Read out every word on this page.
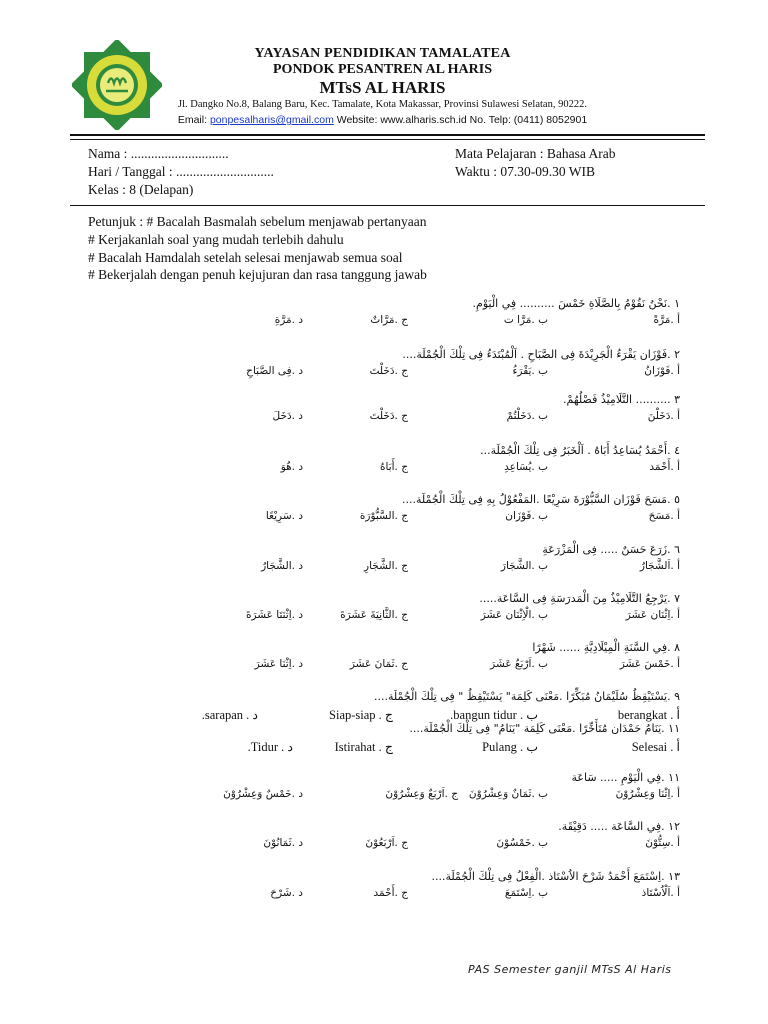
YAYASAN PENDIDIKAN TAMALATEA
PONDOK PESANTREN AL HARIS
MTsS AL HARIS
Jl. Dangko No.8, Balang Baru, Kec. Tamalate, Kota Makassar, Provinsi Sulawesi Selatan, 90222.
Email: ponpesalharis@gmail.com Website: www.alharis.sch.id No. Telp: (0411) 8052901
Nama : .............................
Hari / Tanggal : .............................
Kelas : 8 (Delapan)
Mata Pelajaran : Bahasa Arab
Waktu : 07.30-09.30 WIB
Petunjuk : # Bacalah Basmalah sebelum menjawab pertanyaan
# Kerjakanlah soal yang mudah terlebih dahulu
# Bacalah Hamdalah setelah selesai menjawab semua soal
# Bekerjalah dengan penuh kejujuran dan rasa tanggung jawab
١ .نَحْنُ نَقُوْمُ بِالصَّلَاةِ خَمْسَ .......... فِي الْيَوْمِ.
أ .مَرَّةً
ب .مَرَّا ت
ج .مَرَّاتٌ
د .مَرَّةِ
٢ .فَوْزَان يَقْرَءُ الْجَرِيْدَةَ فِى الصَّبَاحِ . اَلْمُبْتَدَءُ فِى تِلْكَ الْجُمْلَة....
أ .فَوْزَانُ
ب .يَقْرَءُ
ج .دَخَلْتَ
د .فِى الصَّبَاحِ
٣ .......... التَّلَامِيْذُ فَصْلُهُمْ.
أ .دَخَلْنَ
ب .دَخَلْتُمْ
ج .دَخَلْتَ
د .دَخَلَ
٤ .أَحْمَدُ يُسَاعِدُ أَبَاهُ . اَلْخَبَرُ فِى تِلْكَ الْجُمْلَة...
أ .أَحْمَد
ب .يُسَاعِدِ
ج .أَبَاهُ
د .هُوَ
٥ .مَسَحَ فَوْزَان السَّبُّوْرَةَ سَرِيْعًا .المَفْعُوْلُ بِهِ فِى تِلْكَ الْجُمْلَة....
أ .مَسَحَ
ب .فَوْزَان
ج .السَّبُّوْرَة
د .سَرِيْعًا
٦ .زَرَعَ حَسَنٌ ..... فِى الْمَزْرَعَةِ
أ .اَلشَّجَارُ
ب .الشَّجَارَ
ج .الشَّجَارِ
د .الشَّجَارُ
٧ .يَرْجِعُ التَّلَامِيْذُ مِنَ الْمَدرَسَةِ فِى السَّاعَة.....
أ .اِثْنَان عَشَرَ
ب .الْاِثْنَان عَشَرَ
ج .الثَّانِيَةَ عَشَرَةَ
د .اِثْنَتَا عَشَرَةَ
٨ .فِي السَّنَةِ الْمِيْلَادِيَّةِ ...... شَهْرًا
أ .خَمْسَ عَشَرَ
ب .اَرْبَعُ عَشَرَ
ج .ثَمَانَ عَشَرَ
د .اِثْنَا عَشَرَ
٩ .يَسْتَيْقِظُ سُلَيْمَانُ مُبَكِّرًا .مَعْنَى كَلِمَة" يَسْتَيْقِظُ " فِى تِلْكَ الْجُمْلَة....
أ . berangkat
ب . bangun tidur.
ج . Siap-siap
د . sarapan.
١١ .يَنَامُ حَمْدَان مُتَأَخِّرًا .مَعْنَى كَلِمَة "يَنَامُ" فِى تِلْكَ الْجُمْلَة....
أ . Selesai
ب . Pulang
ج . Istirahat
د . Tidur.
١١ .فِي الْيَوْمِ ..... سَاعَة
أ .اِثْنَا وَعِشْرُوْنَ
ب .ثَمَانٌ وَعِشْرُوْنَ
ج .اَرْبَعٌ وَعِشْرُوْنَ
د .خَمْسٌ وَعِشْرُوْنَ
١٢ .فِي السَّاعَة ..... دَقِيْقَة.
أ .سِتُّوْنَ
ب .خَمْسُوْنَ
ج .اَرْبَعُوْنَ
د .ثَمَانُوْنَ
١٣ .اِسْتَمَعَ أَحْمَدُ شَرْحَ الاُسْتَاذ .الْفِعْلُ فِى تِلْكَ الْجُمْلَة....
أ .اَلْاُسْتَاذ
ب .اِسْتَمَعَ
ج .أَحْمَد
د .شَرْحَ
PAS Semester ganjil MTsS Al Haris
